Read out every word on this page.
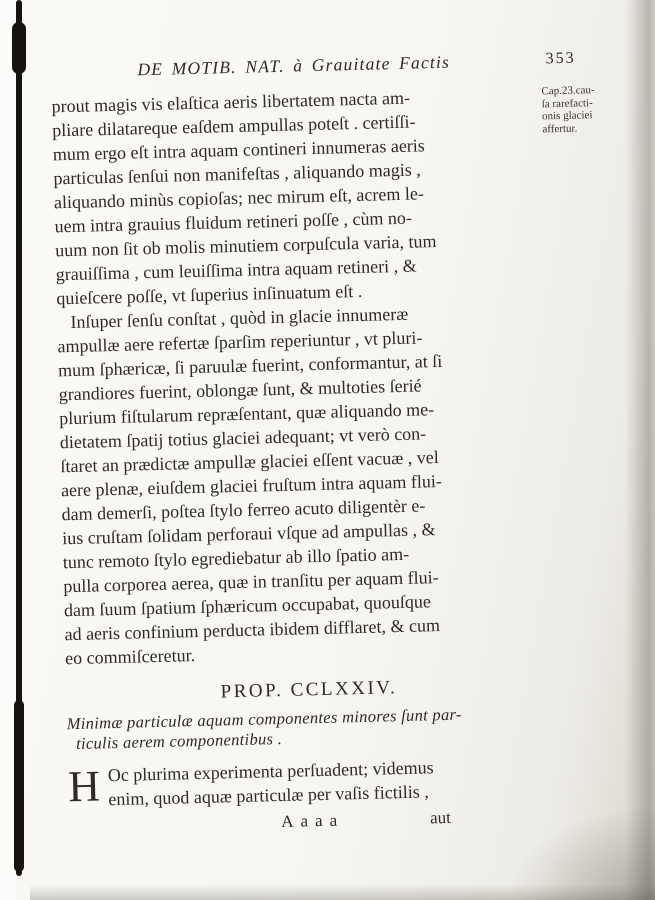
DE MOTIB. NAT. à Grauitate Factis	353
Cap.23.cau-
ſa rarefacti-
onis glaciei
affertur.
prout magis vis elaſtica aeris libertatem nacta am-
pliare dilatareque eaſdem ampullas poteſt . certiſſi-
mum ergo eſt intra aquam contineri innumeras aeris
particulas ſenſui non manifeſtas , aliquando magis ,
aliquando minùs copioſas; nec mirum eſt, acrem le-
uem intra grauius fluidum retineri poſſe , cùm no-
uum non ſit ob molis minutiem corpuſcula varia, tum
grauiſſima , cum leuiſſima intra aquam retineri , &
quieſcere poſſe, vt ſuperius inſinuatum eſt .
Inſuper ſenſu conſtat , quòd in glacie innumeræ
ampullæ aere refertæ ſparſim reperiuntur , vt pluri-
mum ſphæricæ, ſi paruulæ fuerint, conformantur, at ſi
grandiores fuerint, oblongæ ſunt, & multoties ſerié
plurium fiſtularum repræſentant, quæ aliquando me-
dietatem ſpatij totius glaciei adequant; vt verò con-
ſtaret an prædictæ ampullæ glaciei eſſent vacuæ , vel
aere plenæ, eiuſdem glaciei fruſtum intra aquam flui-
dam demerſi, poſtea ſtylo ferreo acuto diligentèr e-
ius cruſtam ſolidam perforaui vſque ad ampullas , &
tunc remoto ſtylo egrediebatur ab illo ſpatio am-
pulla corporea aerea, quæ in tranſitu per aquam flui-
dam ſuum ſpatium ſphæricum occupabat, quouſque
ad aeris confinium perducta ibidem difflaret, & cum
eo commiſceretur.
PROP. CCLXXIV.
Minimæ particulæ aquam componentes minores ſunt par-
ticulis aerem componentibus .
H Oc plurima experimenta perſuadent; videmus
enim, quod aquæ particulæ per vaſis fictilis ,
Aaaa	aut
